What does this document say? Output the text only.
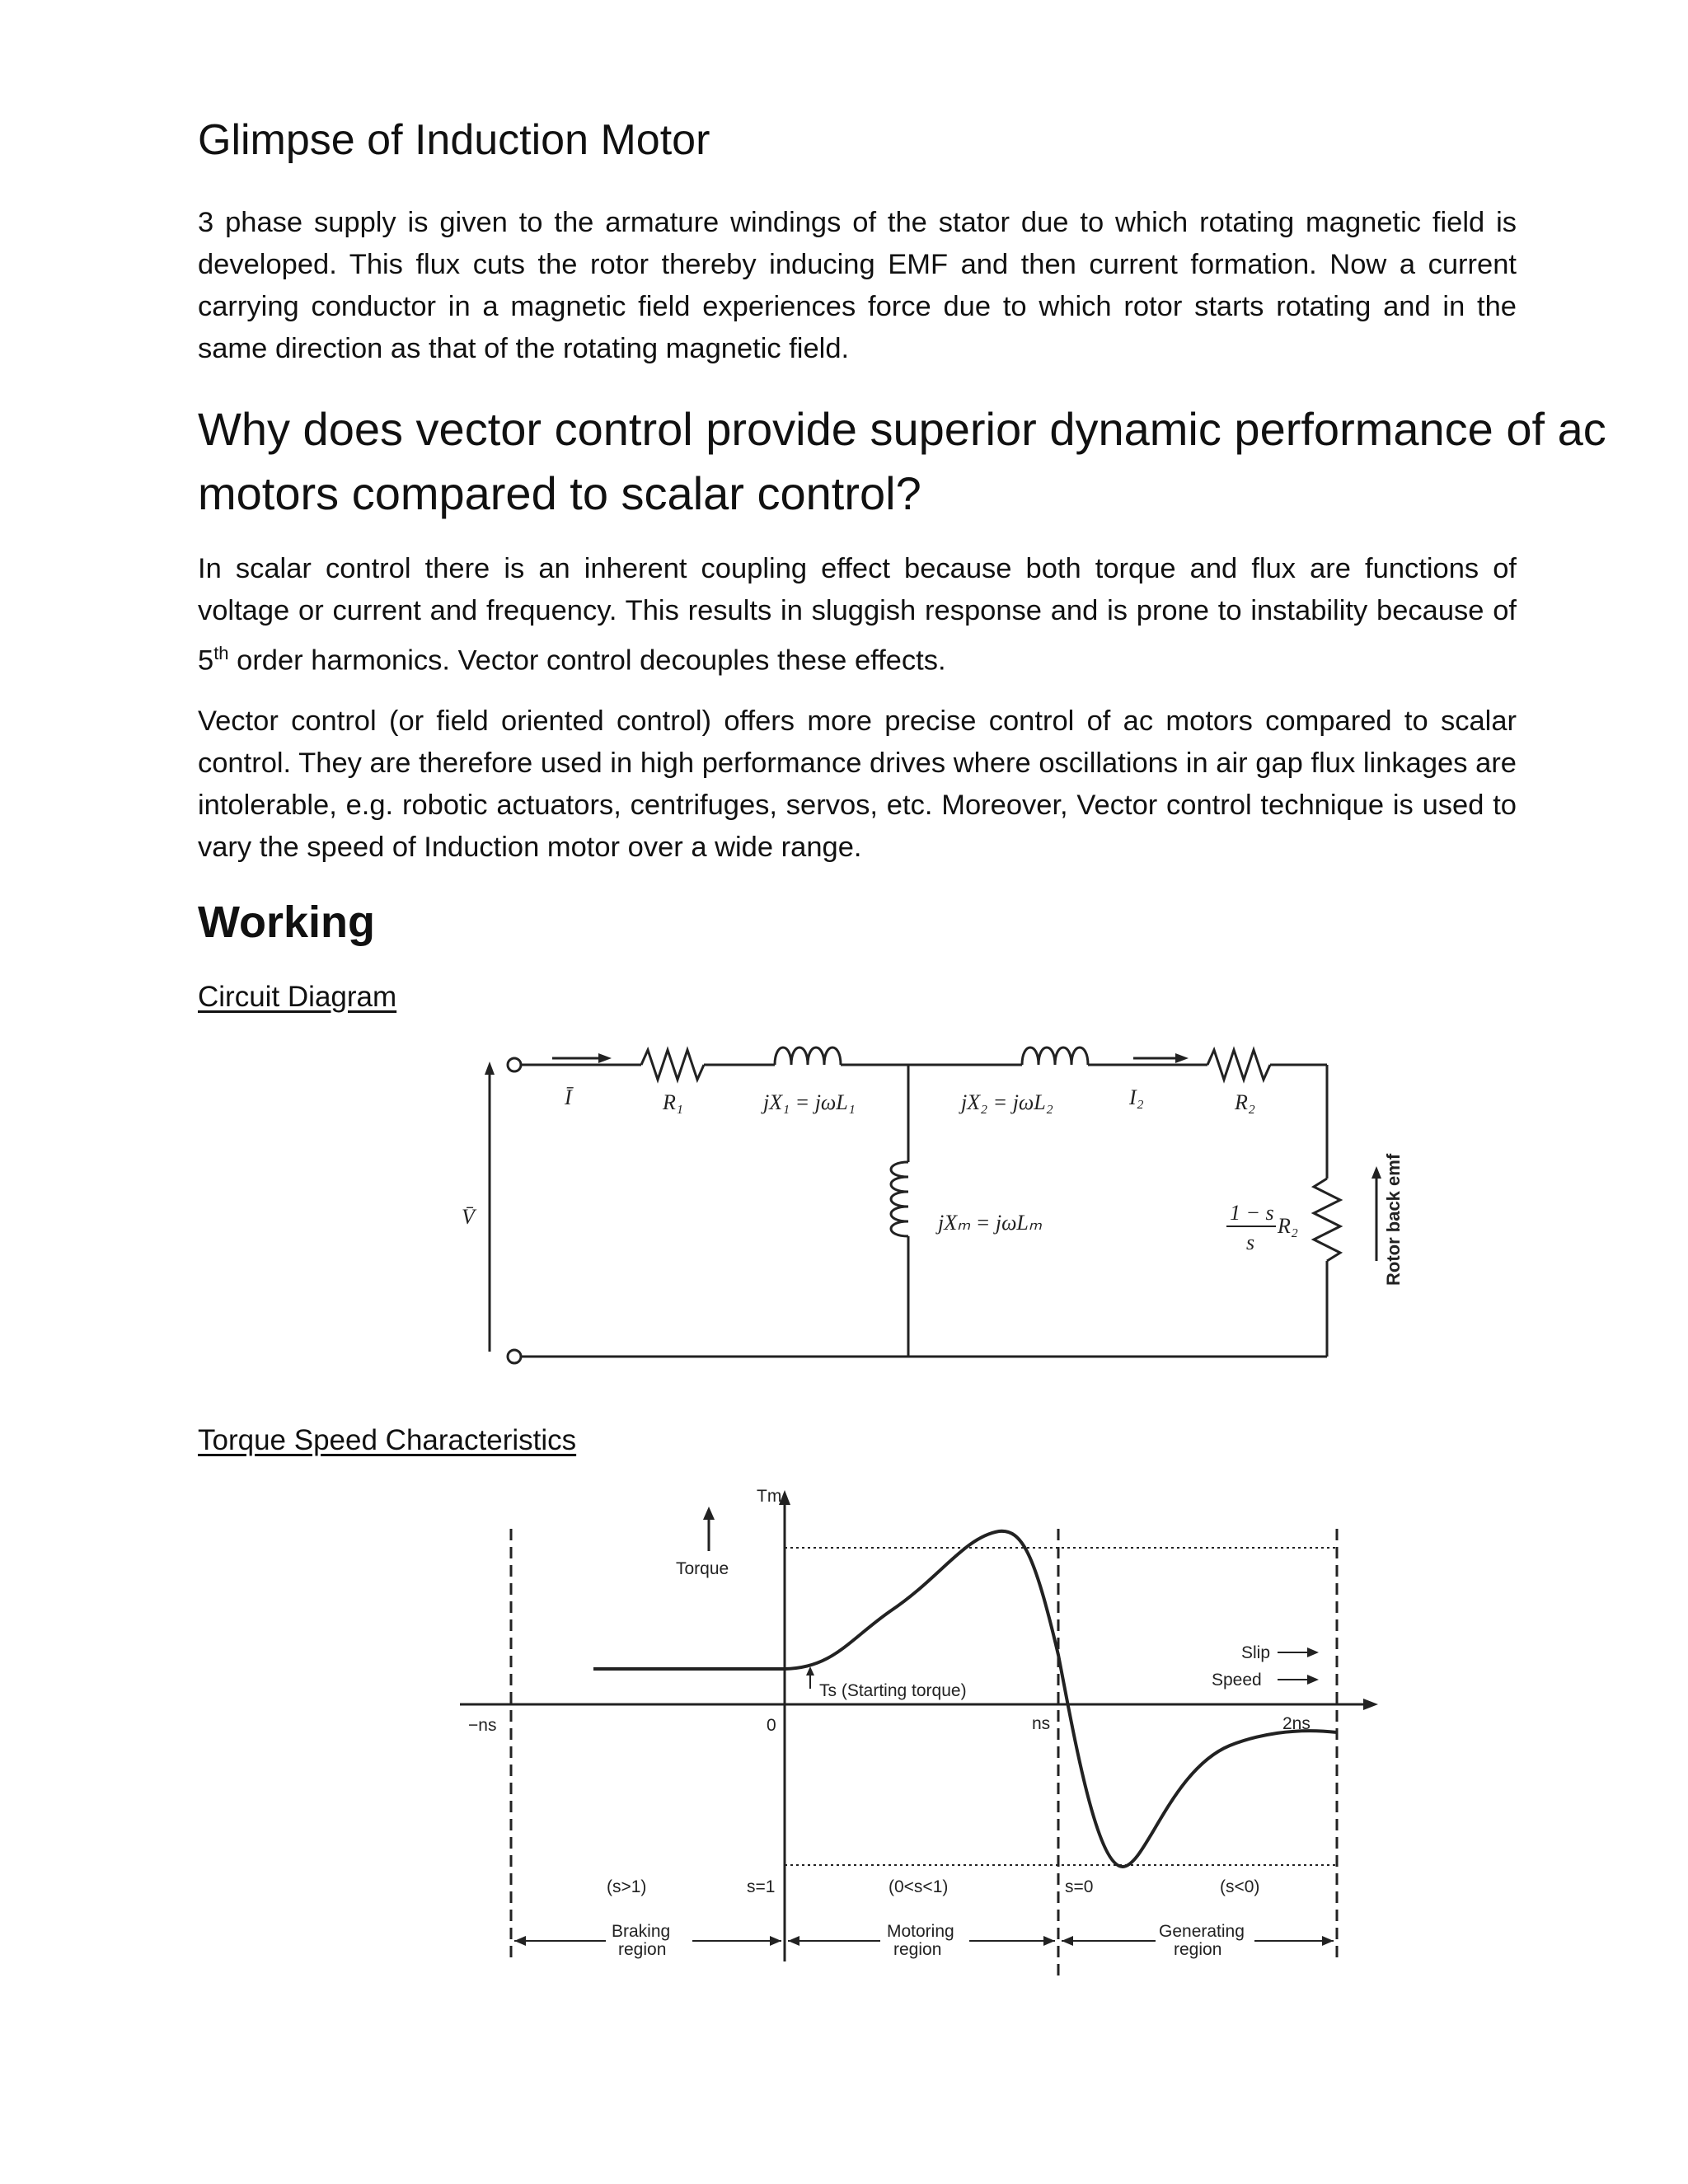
Glimpse of Induction Motor

3 phase supply is given to the armature windings of the stator due to which rotating magnetic field is developed. This flux cuts the rotor thereby inducing EMF and then current formation. Now a current carrying conductor in a magnetic field experiences force due to which rotor starts rotating and in the same direction as that of the rotating magnetic field.

Why does vector control provide superior dynamic performance of ac motors compared to scalar control?

In scalar control there is an inherent coupling effect because both torque and flux are functions of voltage or current and frequency. This results in sluggish response and is prone to instability because of 5th order harmonics. Vector control decouples these effects.

Vector control (or field oriented control) offers more precise control of ac motors compared to scalar control. They are therefore used in high performance drives where oscillations in air gap flux linkages are intolerable, e.g. robotic actuators, centrifuges, servos, etc. Moreover, Vector control technique is used to vary the speed of Induction motor over a wide range.

Working
Circuit Diagram
Ī
V̄
R₁	jX₁ = jωL₁	jX₂ = jωL₂	I₂	R₂
jXₘ = jωLₘ	1 − s
s
R₂	Rotor back emf
Torque Speed Characteristics
Tm
Torque
Ts (Starting torque)
Slip
Speed
−ns	0	ns	2ns
(s>1)	s=1	(0<s<1)	s=0	(s<0)
Braking
region
Motoring
region
Generating
region
